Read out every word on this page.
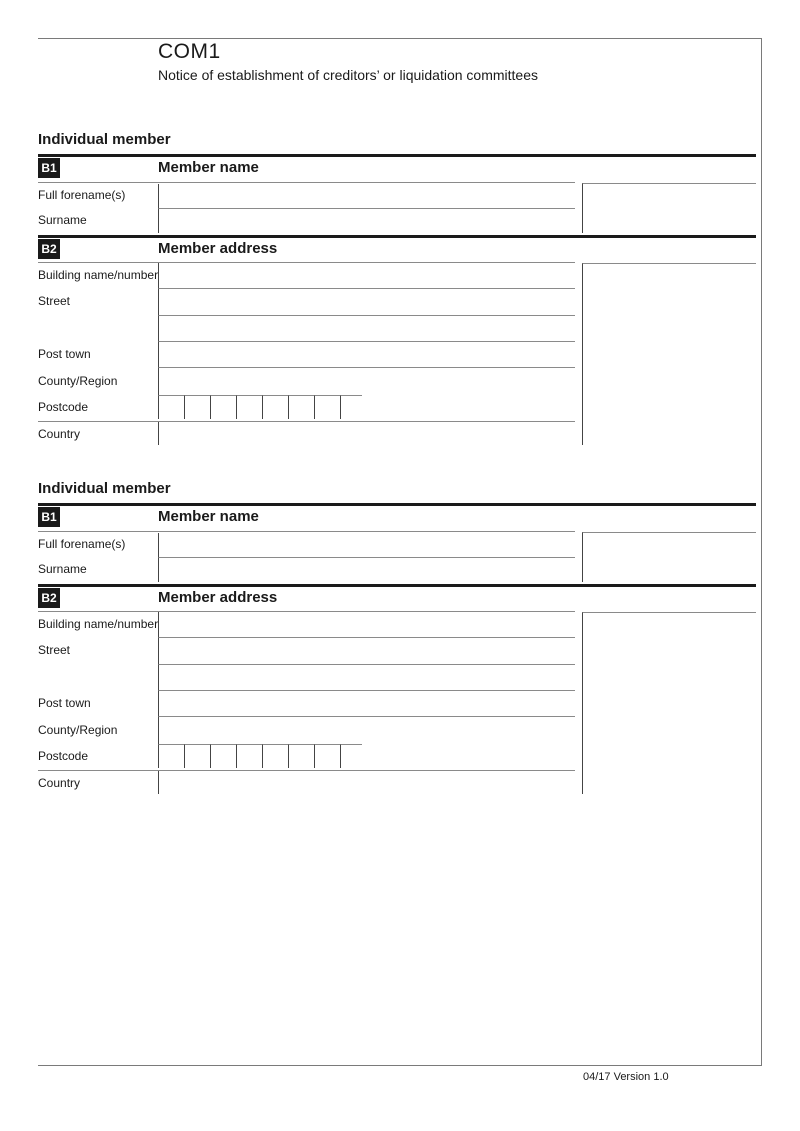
COM1
Notice of establishment of creditors’ or liquidation committees
Individual member
B1	Member name
Full forename(s)
Surname
B2	Member address
Building name/number
Street
Post town
County/Region
Postcode
Country
Individual member
B1	Member name
Full forename(s)
Surname
B2	Member address
Building name/number
Street
Post town
County/Region
Postcode
Country
04/17 Version 1.0
